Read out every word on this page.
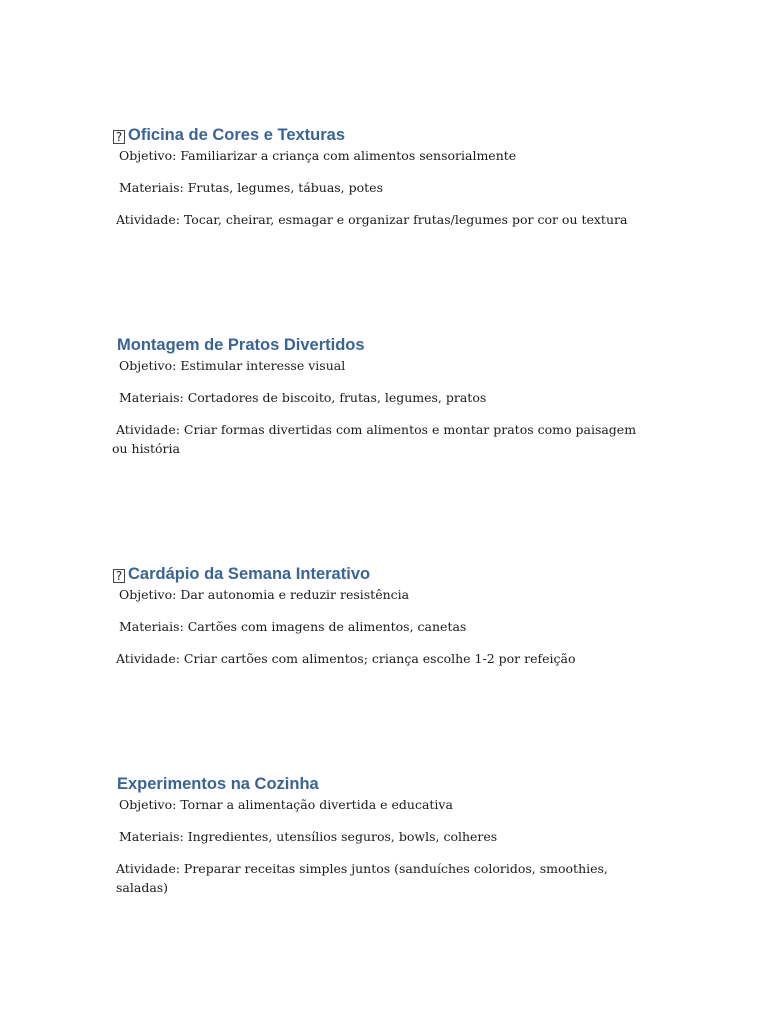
? Oficina de Cores e Texturas
Objetivo: Familiarizar a criança com alimentos sensorialmente
Materiais: Frutas, legumes, tábuas, potes
Atividade: Tocar, cheirar, esmagar e organizar frutas/legumes por cor ou textura
Montagem de Pratos Divertidos
Objetivo: Estimular interesse visual
Materiais: Cortadores de biscoito, frutas, legumes, pratos
Atividade: Criar formas divertidas com alimentos e montar pratos como paisagem ou história
? Cardápio da Semana Interativo
Objetivo: Dar autonomia e reduzir resistência
Materiais: Cartões com imagens de alimentos, canetas
Atividade: Criar cartões com alimentos; criança escolhe 1-2 por refeição
Experimentos na Cozinha
Objetivo: Tornar a alimentação divertida e educativa
Materiais: Ingredientes, utensílios seguros, bowls, colheres
Atividade: Preparar receitas simples juntos (sanduíches coloridos, smoothies, saladas)
